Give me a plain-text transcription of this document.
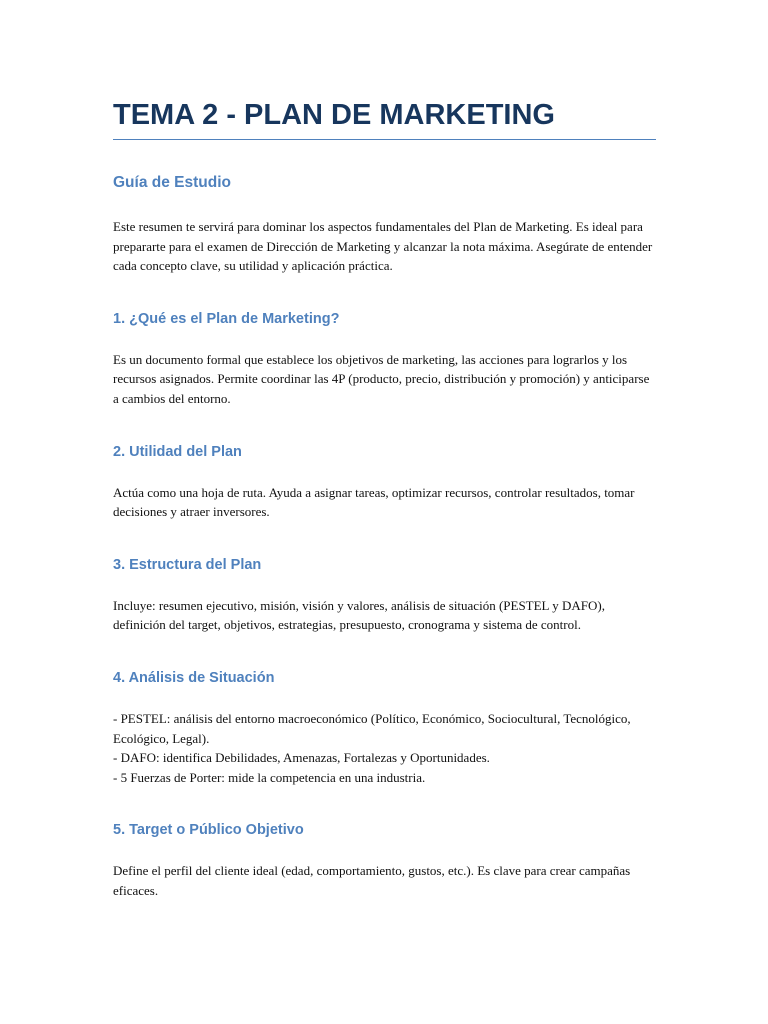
TEMA 2 - PLAN DE MARKETING
Guía de Estudio

Este resumen te servirá para dominar los aspectos fundamentales del Plan de Marketing. Es ideal para prepararte para el examen de Dirección de Marketing y alcanzar la nota máxima. Asegúrate de entender cada concepto clave, su utilidad y aplicación práctica.

1. ¿Qué es el Plan de Marketing?

Es un documento formal que establece los objetivos de marketing, las acciones para lograrlos y los recursos asignados. Permite coordinar las 4P (producto, precio, distribución y promoción) y anticiparse a cambios del entorno.

2. Utilidad del Plan

Actúa como una hoja de ruta. Ayuda a asignar tareas, optimizar recursos, controlar resultados, tomar decisiones y atraer inversores.

3. Estructura del Plan

Incluye: resumen ejecutivo, misión, visión y valores, análisis de situación (PESTEL y DAFO), definición del target, objetivos, estrategias, presupuesto, cronograma y sistema de control.

4. Análisis de Situación
- PESTEL: análisis del entorno macroeconómico (Político, Económico, Sociocultural, Tecnológico, Ecológico, Legal).
- DAFO: identifica Debilidades, Amenazas, Fortalezas y Oportunidades.
- 5 Fuerzas de Porter: mide la competencia en una industria.
5. Target o Público Objetivo

Define el perfil del cliente ideal (edad, comportamiento, gustos, etc.). Es clave para crear campañas eficaces.
